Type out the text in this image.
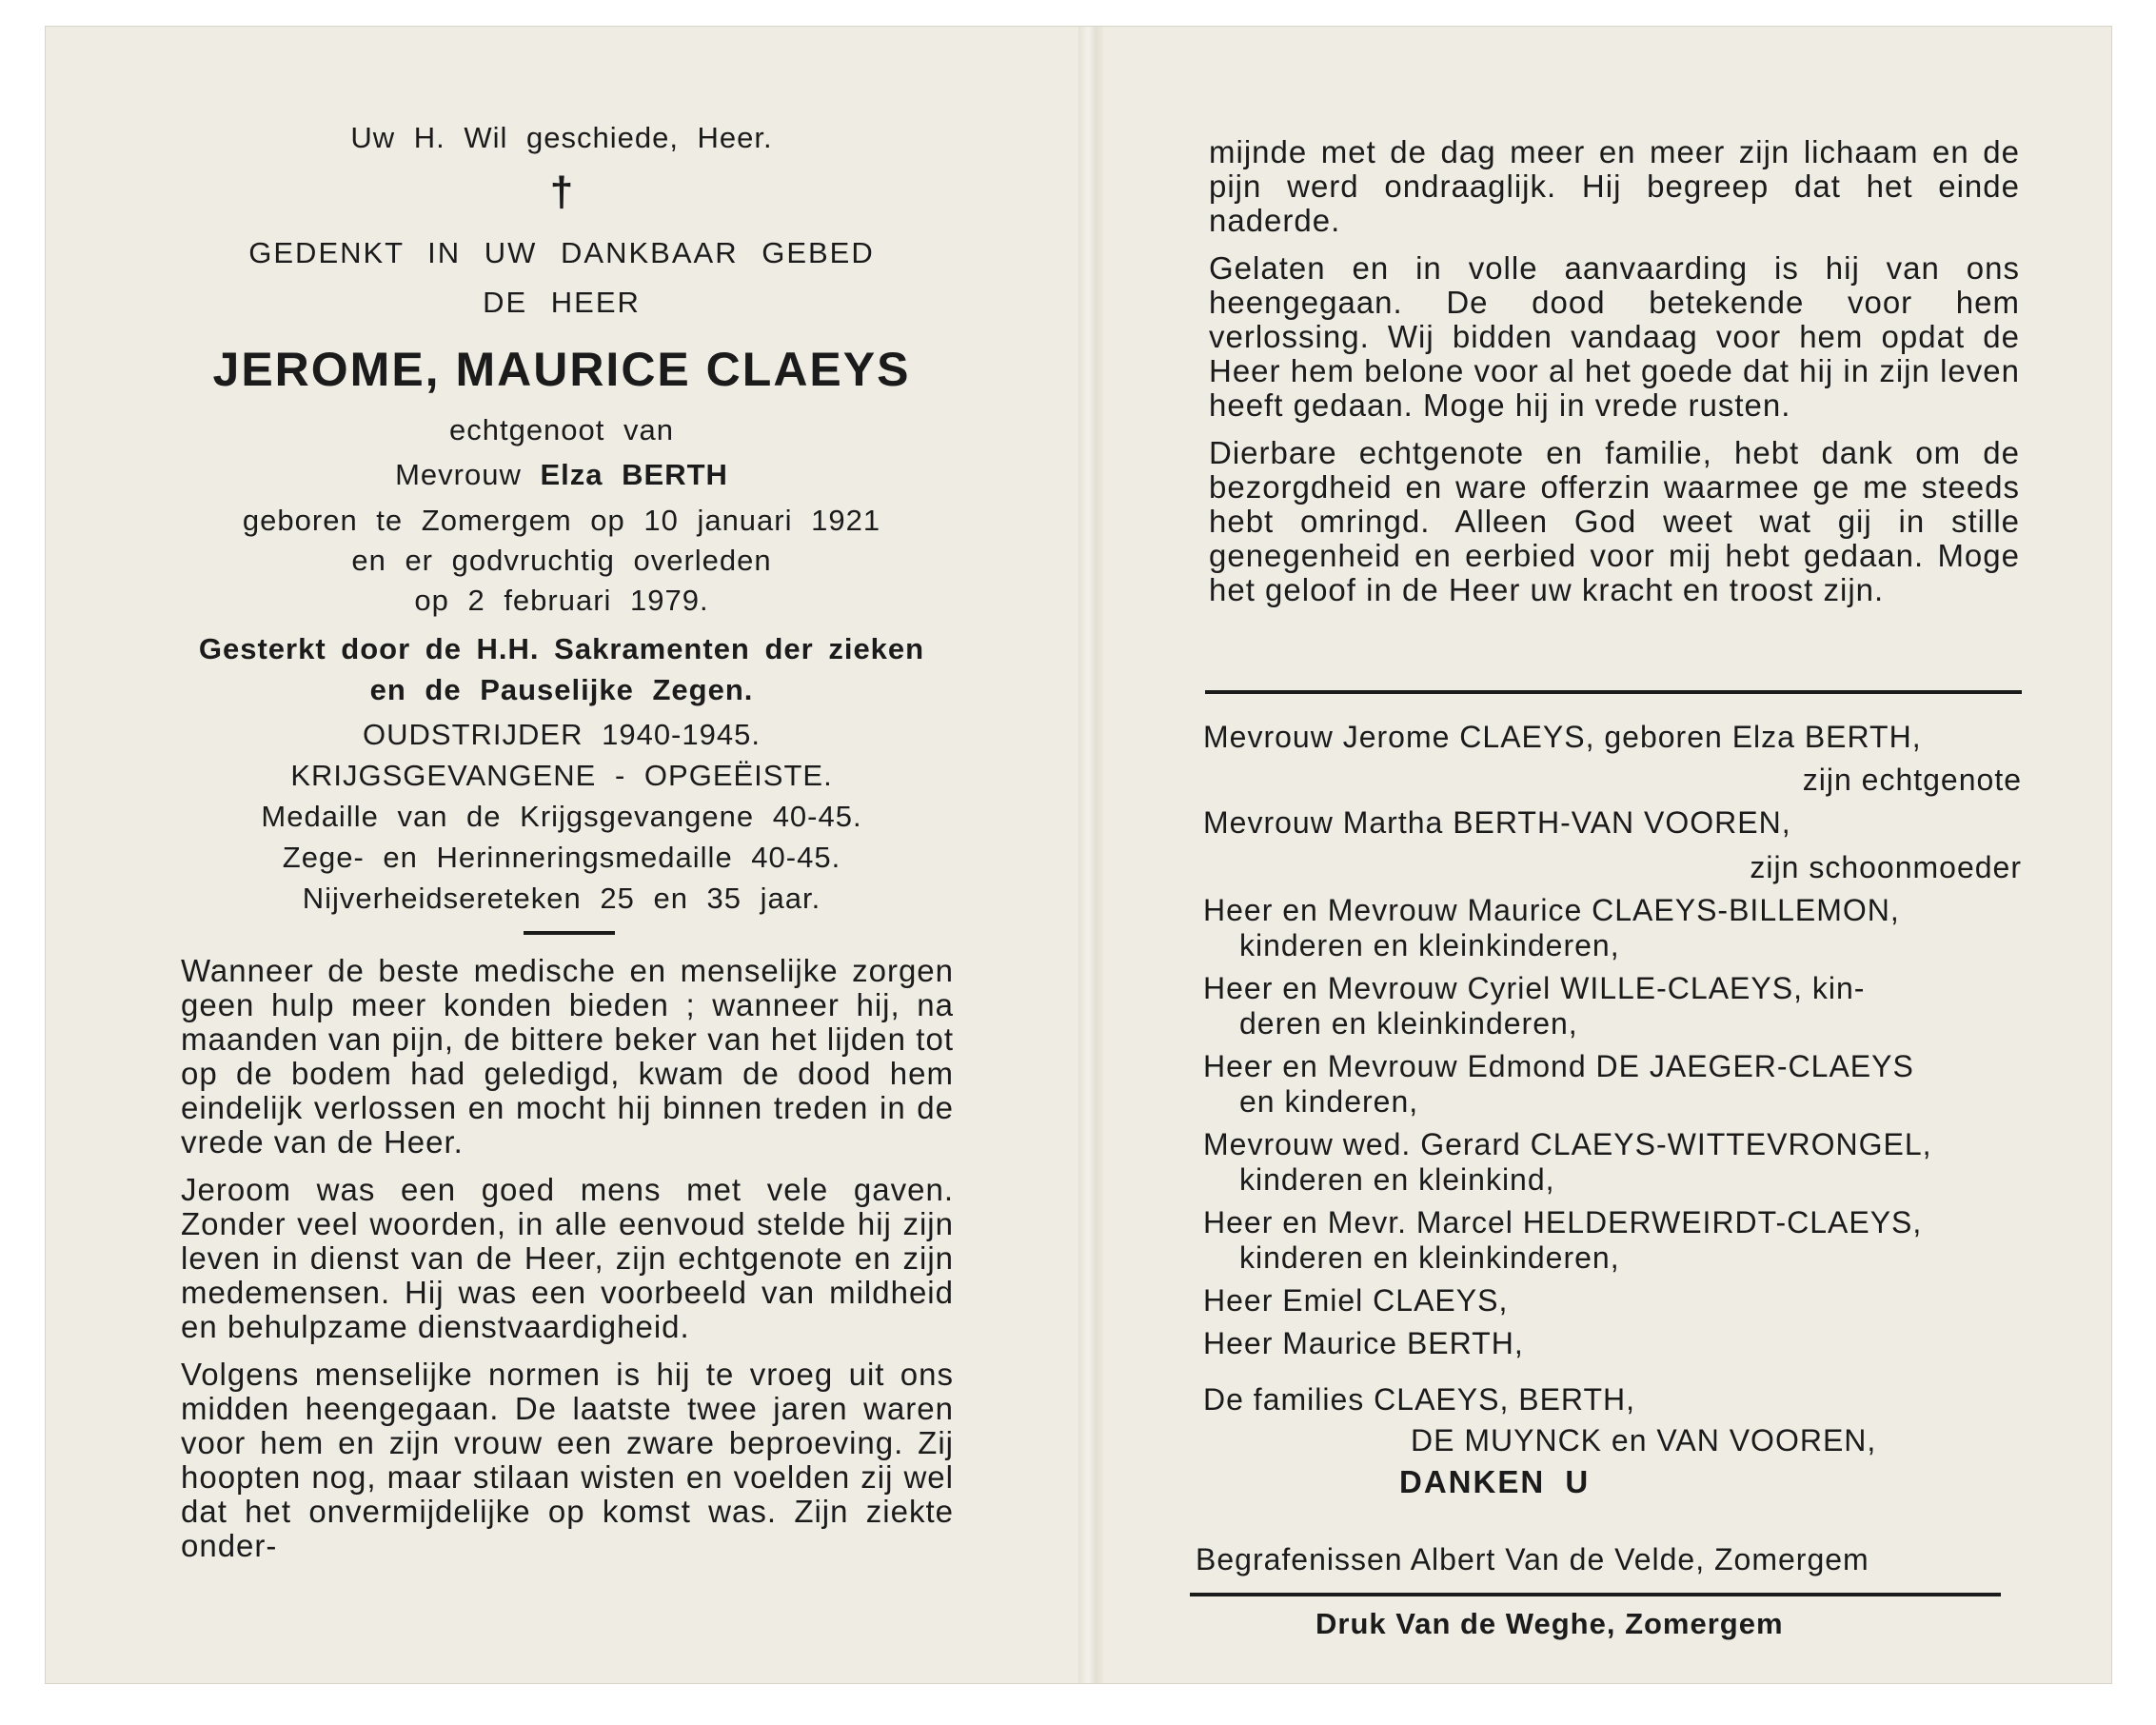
Uw H. Wil geschiede, Heer.
†
GEDENKT IN UW DANKBAAR GEBED
DE HEER
JEROME, MAURICE CLAEYS
echtgenoot van
Mevrouw Elza BERTH
geboren te Zomergem op 10 januari 1921
en er godvruchtig overleden
op 2 februari 1979.
Gesterkt door de H.H. Sakramenten der zieken
en de Pauselijke Zegen.
OUDSTRIJDER 1940-1945.
KRIJGSGEVANGENE - OPGEËISTE.
Medaille van de Krijgsgevangene 40-45.
Zege- en Herinneringsmedaille 40-45.
Nijverheidsereteken 25 en 35 jaar.

Wanneer de beste medische en menselijke zorgen geen hulp meer konden bieden ; wanneer hij, na maanden van pijn, de bittere beker van het lijden tot op de bodem had geledigd, kwam de dood hem eindelijk verlossen en mocht hij binnen treden in de vrede van de Heer.

Jeroom was een goed mens met vele gaven. Zonder veel woorden, in alle eenvoud stelde hij zijn leven in dienst van de Heer, zijn echtgenote en zijn medemensen. Hij was een voorbeeld van mildheid en behulpzame dienstvaardigheid.

Volgens menselijke normen is hij te vroeg uit ons midden heengegaan. De laatste twee jaren waren voor hem en zijn vrouw een zware beproeving. Zij hoopten nog, maar stilaan wisten en voelden zij wel dat het onvermijdelijke op komst was. Zijn ziekte onder-

mijnde met de dag meer en meer zijn lichaam en de pijn werd ondraaglijk. Hij begreep dat het einde naderde.

Gelaten en in volle aanvaarding is hij van ons heengegaan. De dood betekende voor hem verlossing. Wij bidden vandaag voor hem opdat de Heer hem belone voor al het goede dat hij in zijn leven heeft gedaan. Moge hij in vrede rusten.

Dierbare echtgenote en familie, hebt dank om de bezorgdheid en ware offerzin waarmee ge me steeds hebt omringd. Alleen God weet wat gij in stille genegenheid en eerbied voor mij hebt gedaan. Moge het geloof in de Heer uw kracht en troost zijn.

Mevrouw Jerome CLAEYS, geboren Elza BERTH,
zijn echtgenote
Mevrouw Martha BERTH-VAN VOOREN,
zijn schoonmoeder
Heer en Mevrouw Maurice CLAEYS-BILLEMON,
kinderen en kleinkinderen,
Heer en Mevrouw Cyriel WILLE-CLAEYS, kin-
deren en kleinkinderen,
Heer en Mevrouw Edmond DE JAEGER-CLAEYS
en kinderen,
Mevrouw wed. Gerard CLAEYS-WITTEVRONGEL,
kinderen en kleinkind,
Heer en Mevr. Marcel HELDERWEIRDT-CLAEYS,
kinderen en kleinkinderen,
Heer Emiel CLAEYS,
Heer Maurice BERTH,
De families CLAEYS, BERTH,
DE MUYNCK en VAN VOOREN,
DANKEN U
Begrafenissen Albert Van de Velde, Zomergem
Druk Van de Weghe, Zomergem
